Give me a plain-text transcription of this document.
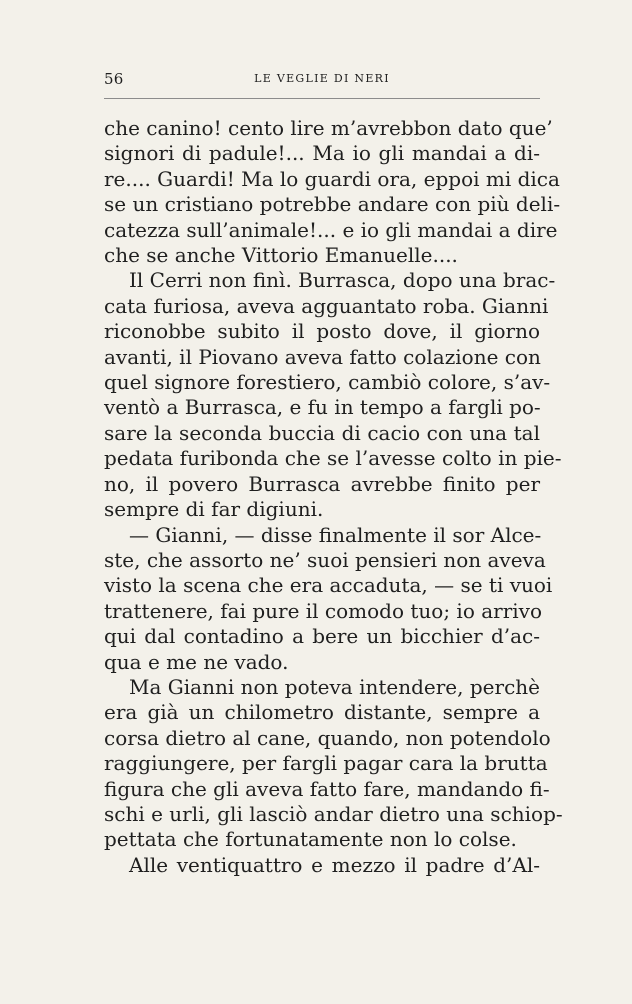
56	LE VEGLIE DI NERI
che canino! cento lire m’avrebbon dato que’
signori di padule!... Ma io gli mandai a di-
re.... Guardi! Ma lo guardi ora, eppoi mi dica
se un cristiano potrebbe andare con più deli-
catezza sull’animale!... e io gli mandai a dire
che se anche Vittorio Emanuelle....
Il Cerri non finì. Burrasca, dopo una brac-
cata furiosa, aveva agguantato roba. Gianni
riconobbe subito il posto dove, il giorno
avanti, il Piovano aveva fatto colazione con
quel signore forestiero, cambiò colore, s’av-
ventò a Burrasca, e fu in tempo a fargli po-
sare la seconda buccia di cacio con una tal
pedata furibonda che se l’avesse colto in pie-
no, il povero Burrasca avrebbe finito per
sempre di far digiuni.
— Gianni, — disse finalmente il sor Alce-
ste, che assorto ne’ suoi pensieri non aveva
visto la scena che era accaduta, — se ti vuoi
trattenere, fai pure il comodo tuo; io arrivo
qui dal contadino a bere un bicchier d’ac-
qua e me ne vado.
Ma Gianni non poteva intendere, perchè
era già un chilometro distante, sempre a
corsa dietro al cane, quando, non potendolo
raggiungere, per fargli pagar cara la brutta
figura che gli aveva fatto fare, mandando fi-
schi e urli, gli lasciò andar dietro una schiop-
pettata che fortunatamente non lo colse.
Alle ventiquattro e mezzo il padre d’Al-
